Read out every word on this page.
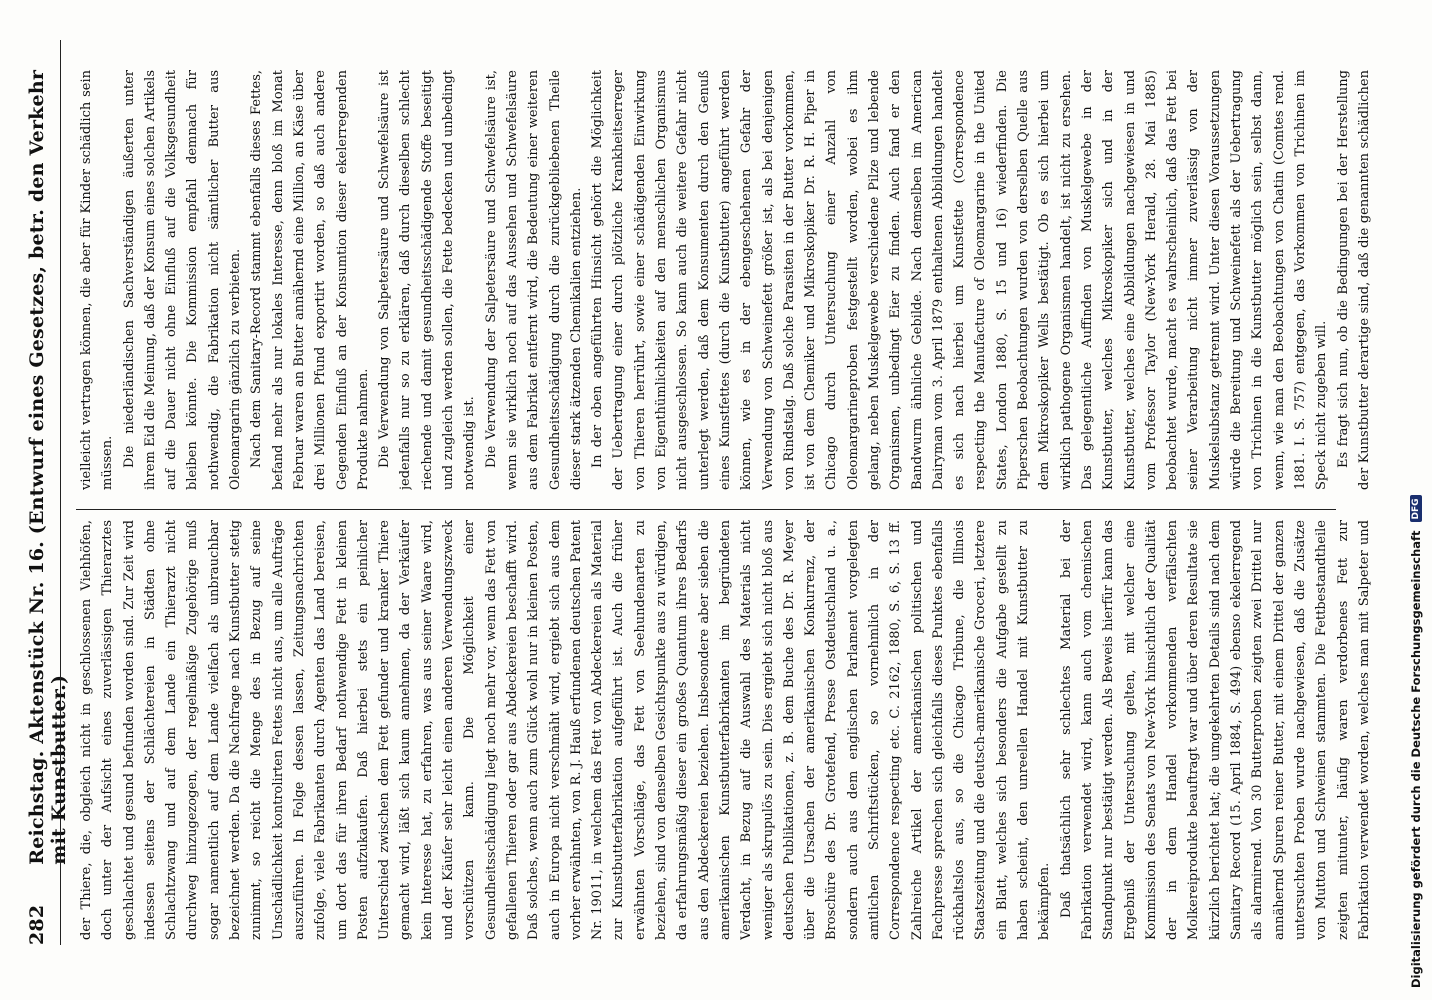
282
Reichstag. Aktenstück Nr. 16. (Entwurf eines Gesetzes, betr. den Verkehr mit Kunstbutter.) der Thiere, die, obgleich nicht in geschlossenen Viehhöfen, doch unter der Aufsicht eines zuverlässigen Thierarztes geschlachtet und gesund befunden worden sind. Zur Zeit wird indessen seitens der Schlächtereien in Städten ohne Schlachtzwang und auf dem Lande ein Thierarzt nicht durchweg hinzugezogen, der regelmäßige Zugehörige muß sogar namentlich auf dem Lande vielfach als unbrauchbar bezeichnet werden. Da die Nachfrage nach Kunstbutter stetig zunimmt, so reicht die Menge des in Bezug auf seine Unschädlichkeit kontrolirten Fettes nicht aus, um alle Aufträge auszuführen. In Folge dessen lassen, Zeitungsnachrichten zufolge, viele Fabrikanten durch Agenten das Land bereisen, um dort das für ihren Bedarf nothwendige Fett in kleinen Posten aufzukaufen. Daß hierbei stets ein peinlicher Unterschied zwischen dem Fett gefunder und kranker Thiere gemacht wird, läßt sich kaum annehmen, da der Verkäufer kein Interesse hat, zu erfahren, was aus seiner Waare wird, und der Käufer sehr leicht einen anderen Verwendungszweck vorschützen kann. Die Möglichkeit einer Gesundheitsschädigung liegt noch mehr vor, wenn das Fett von gefallenen Thieren oder gar aus Abdeckereien beschafft wird. Daß solches, wenn auch zum Glück wohl nur in kleinen Posten, auch in Europa nicht verschmäht wird, ergiebt sich aus dem vorher erwähnten, von R. J. Hauß erfundenen deutschen Patent Nr. 19011, in welchem das Fett von Abdeckereien als Material zur Kunstbutterfabrikation aufgeführt ist. Auch die früher erwähnten Vorschläge, das Fett von Seehundenarten zu beziehen, sind von denselben Gesichtspunkte aus zu würdigen, da erfahrungsmäßig dieser ein großes Quantum ihres Bedarfs aus den Abdeckereien beziehen. Insbesondere aber sieben die amerikanischen Kunstbutterfabrikanten im begründeten Verdacht, in Bezug auf die Auswahl des Materials nicht weniger als skrupulös zu sein. Dies ergiebt sich nicht bloß aus deutschen Publikationen, z. B. dem Buche des Dr. R. Meyer über die Ursachen der amerikanischen Konkurrenz, der Broschüre des Dr. Grotefend, Presse Ostdeutschland u. a., sondern auch aus dem englischen Parlament vorgelegten amtlichen Schriftstücken, so vornehmlich in der Correspondence respecting etc. C. 2162, 1880, S. 6, S. 13 ff. Zahlreiche Artikel der amerikanischen politischen und Fachpresse sprechen sich gleichfalls dieses Punktes ebenfalls rückhaltslos aus, so die Chicago Tribune, die Illinois Staatszeitung und die deutsch-amerikanische Groceri, letztere ein Blatt, welches sich besonders die Aufgabe gestellt zu haben scheint, den unreellen Handel mit Kunstbutter zu bekämpfen. Daß thatsächlich sehr schlechtes Material bei der Fabrikation verwendet wird, kann auch vom chemischen Standpunkt nur bestätigt werden. Als Beweis hierfür kann das Ergebniß der Untersuchung gelten, mit welcher eine Kommission des Senats von New-York hinsichtlich der Qualität der in dem Handel vorkommenden verfälschten Molkereiprodukte beauftragt war und über deren Resultate sie kürzlich berichtet hat; die umgekehrten Details sind nach dem Sanitary Record (15. April 1884, S. 494) ebenso ekelerregend als alarmirend. Von 30 Butterproben zeigten zwei Drittel nur annähernd Spuren reiner Butter, mit einem Drittel der ganzen untersuchten Proben wurde nachgewiesen, daß die Zusätze von Mutton und Schweinen stammten. Die Fettbestandtheile zeigten mitunter, häufig waren verdorbenes Fett zur Fabrikation verwendet worden, welches man mit Salpeter und

vielleicht vertragen können, die aber für Kinder schädlich sein müssen. Die niederländischen Sachverständigen äußerten unter ihrem Eid die Meinung, daß der Konsum eines solchen Artikels auf die Dauer nicht ohne Einfluß auf die Volksgesundheit bleiben könnte. Die Kommission empfahl demnach für nothwendig, die Fabrikation nicht sämtlicher Butter aus Oleomargarin gänzlich zu verbieten. Nach dem Sanitary-Record stammt ebenfalls dieses Fettes, befand mehr als nur lokales Interesse, denn bloß im Monat Februar waren an Butter annähernd eine Million, an Käse über drei Millionen Pfund exportirt worden, so daß auch andere Gegenden Einfluß an der Konsumtion dieser ekelerregenden Produkte nahmen. Die Verwendung von Salpetersäure und Schwefelsäure ist jedenfalls nur so zu erklären, daß durch dieselben schlecht riechende und damit gesundheitsschädigende Stoffe beseitigt und zugleich werden sollen, die Fette bedecken und unbedingt notwendig ist. Die Verwendung der Salpetersäure und Schwefelsäure ist, wenn sie wirklich noch auf das Aussehen und Schwefelsäure aus dem Fabrikat entfernt wird, die Bedeutung einer weiteren Gesundheitsschädigung durch die zurückgebliebenen Theile dieser stark ätzenden Chemikalien entziehen. In der oben angeführten Hinsicht gehört die Möglichkeit der Uebertragung einer durch plötzliche Krankheitserreger von Thieren herrührt, sowie einer schädigenden Einwirkung von Eigenthümlichkeiten auf den menschlichen Organismus nicht ausgeschlossen. So kann auch die weitere Gefahr nicht unterlegt werden, daß dem Konsumenten durch den Genuß eines Kunstfettes (durch die Kunstbutter) angeführt werden können, wie es in der ebengeschehenen Gefahr der Verwendung von Schweinefett größer ist, als bei denjenigen von Rindstalg. Daß solche Parasiten in der Butter vorkommen, ist von dem Chemiker und Mikroskopiker Dr. R. H. Piper in Chicago durch Untersuchung einer Anzahl von Oleomargarineproben festgestellt worden, wobei es ihm gelang, neben Muskelgewebe verschiedene Pilze und lebende Organismen, unbedingt Eier zu finden. Auch fand er den Bandwurm ähnliche Gebilde. Nach demselben im American Dairyman vom 3. April 1879 enthaltenen Abbildungen handelt es sich nach hierbei um Kunstfette (Correspondence respecting the Manufacture of Oleomargarine in the United States, London 1880, S. 15 und 16) wiederfinden. Die Piperschen Beobachtungen wurden von derselben Quelle aus dem Mikroskopiker Wells bestätigt. Ob es sich hierbei um wirklich pathogene Organismen handelt, ist nicht zu ersehen. Das gelegentliche Auffinden von Muskelgewebe in der Kunstbutter, welches Mikroskopiker sich und in der Kunstbutter, welches eine Abbildungen nachgewiesen in und vom Professor Taylor (New-York Herald, 28. Mai 1885) beobachtet wurde, macht es wahrscheinlich, daß das Fett bei seiner Verarbeitung nicht immer zuverlässig von der Muskelsubstanz getrennt wird. Unter diesen Voraussetzungen würde die Bereitung und Schweinefett als der Uebertragung von Trichinen in die Kunstbutter möglich sein, selbst dann, wenn, wie man den Beobachtungen von Chatin (Comtes rend. 1881. I. S. 757) entgegen, das Vorkommen von Trichinen im Speck nicht zugeben will. Es fragt sich nun, ob die Bedingungen bei der Herstellung der Kunstbutter derartige sind, daß die genannten schädlichen

Digitalisierung gefördert durch die Deutsche Forschungsgemeinschaft
DFG
